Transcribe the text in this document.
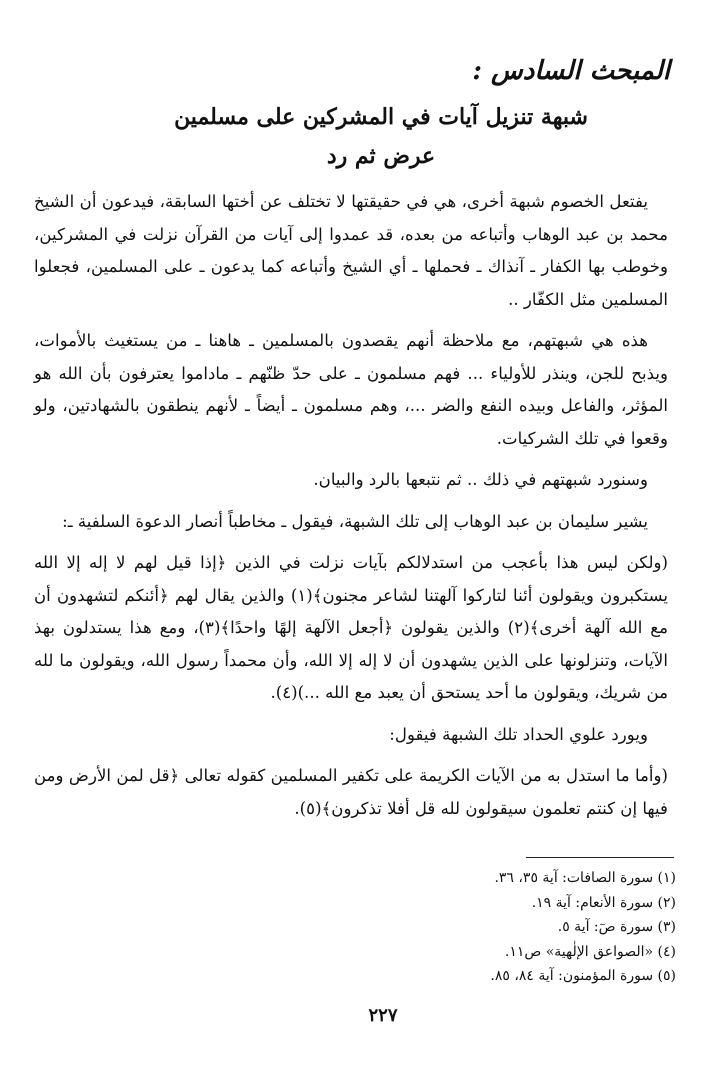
المبحث السادس :
شبهة تنزيل آيات في المشركين على مسلمين
عرض ثم رد

يفتعل الخصوم شبهة أخرى، هي في حقيقتها لا تختلف عن أختها السابقة، فيدعون أن الشيخ محمد بن عبد الوهاب وأتباعه من بعده، قد عمدوا إلى آيات من القرآن نزلت في المشركين، وخوطب بها الكفار ـ آنذاك ـ فحملها ـ أي الشيخ وأتباعه كما يدعون ـ على المسلمين، فجعلوا المسلمين مثل الكفّار ..

هذه هي شبهتهم، مع ملاحظة أنهم يقصدون بالمسلمين ـ هاهنا ـ من يستغيث بالأموات، ويذبح للجن، وينذر للأولياء ... فهم مسلمون ـ على حدّ ظنّهم ـ ماداموا يعترفون بأن الله هو المؤثر، والفاعل وبيده النفع والضر ...، وهم مسلمون ـ أيضاً ـ لأنهم ينطقون بالشهادتين، ولو وقعوا في تلك الشركيات.

وسنورد شبهتهم في ذلك .. ثم نتبعها بالرد والبيان.

يشير سليمان بن عبد الوهاب إلى تلك الشبهة، فيقول ـ مخاطباً أنصار الدعوة السلفية ـ:

(ولكن ليس هذا بأعجب من استدلالكم بآيات نزلت في الذين ﴿إذا قيل لهم لا إله إلا الله يستكبرون ويقولون أئنا لتاركوا آلهتنا لشاعر مجنون﴾(١) والذين يقال لهم ﴿أئنكم لتشهدون أن مع الله آلهة أخرى﴾(٢) والذين يقولون ﴿أجعل الآلهة إلهًا واحدًا﴾(٣)، ومع هذا يستدلون بهذ الآيات، وتنزلونها على الذين يشهدون أن لا إله إلا الله، وأن محمداً رسول الله، ويقولون ما لله من شريك، ويقولون ما أحد يستحق أن يعبد مع الله ...)(٤).

ويورد علوي الحداد تلك الشبهة فيقول:

(وأما ما استدل به من الآيات الكريمة على تكفير المسلمين كقوله تعالى ﴿قل لمن الأرض ومن فيها إن كنتم تعلمون سيقولون لله قل أفلا تذكرون﴾(٥).

(١) سورة الصافات: آية ٣٥، ٣٦.
(٢) سورة الأنعام: آية ١٩.
(٣) سورة صٓ: آية ٥.
(٤) «الصواعق الإلٰهية» ص١١.
(٥) سورة المؤمنون: آية ٨٤، ٨٥.
٢٢٧
